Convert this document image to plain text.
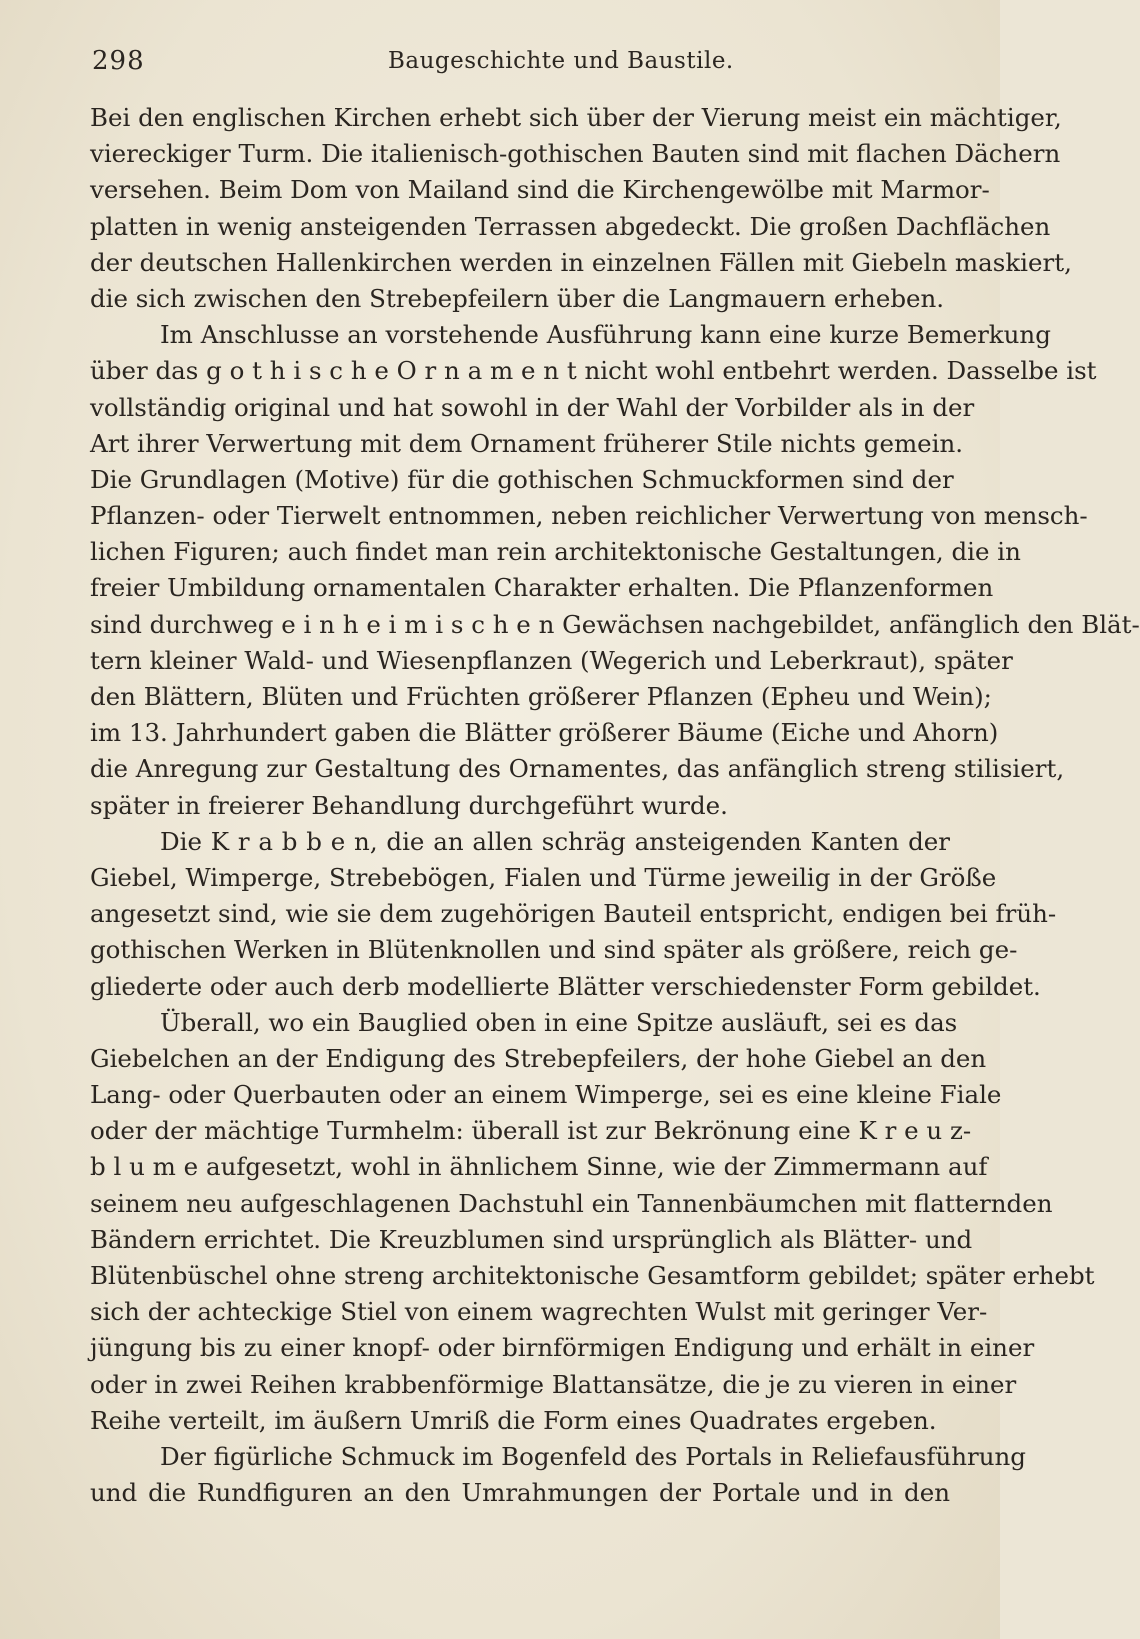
298	Baugeschichte und Baustile.
Bei den englischen Kirchen erhebt sich über der Vierung meist ein mächtiger,
viereckiger Turm. Die italienisch-gothischen Bauten sind mit flachen Dächern
versehen. Beim Dom von Mailand sind die Kirchengewölbe mit Marmor-
platten in wenig ansteigenden Terrassen abgedeckt. Die großen Dachflächen
der deutschen Hallenkirchen werden in einzelnen Fällen mit Giebeln maskiert,
die sich zwischen den Strebepfeilern über die Langmauern erheben.
Im Anschlusse an vorstehende Ausführung kann eine kurze Bemerkung
über das g o t h i s c h e O r n a m e n t nicht wohl entbehrt werden. Dasselbe ist
vollständig original und hat sowohl in der Wahl der Vorbilder als in der
Art ihrer Verwertung mit dem Ornament früherer Stile nichts gemein.
Die Grundlagen (Motive) für die gothischen Schmuckformen sind der
Pflanzen- oder Tierwelt entnommen, neben reichlicher Verwertung von mensch-
lichen Figuren; auch findet man rein architektonische Gestaltungen, die in
freier Umbildung ornamentalen Charakter erhalten. Die Pflanzenformen
sind durchweg e i n h e i m i s c h e n Gewächsen nachgebildet, anfänglich den Blät-
tern kleiner Wald- und Wiesenpflanzen (Wegerich und Leberkraut), später
den Blättern, Blüten und Früchten größerer Pflanzen (Epheu und Wein);
im 13. Jahrhundert gaben die Blätter größerer Bäume (Eiche und Ahorn)
die Anregung zur Gestaltung des Ornamentes, das anfänglich streng stilisiert,
später in freierer Behandlung durchgeführt wurde.
Die K r a b b e n, die an allen schräg ansteigenden Kanten der
Giebel, Wimperge, Strebebögen, Fialen und Türme jeweilig in der Größe
angesetzt sind, wie sie dem zugehörigen Bauteil entspricht, endigen bei früh-
gothischen Werken in Blütenknollen und sind später als größere, reich ge-
gliederte oder auch derb modellierte Blätter verschiedenster Form gebildet.
Überall, wo ein Bauglied oben in eine Spitze ausläuft, sei es das
Giebelchen an der Endigung des Strebepfeilers, der hohe Giebel an den
Lang- oder Querbauten oder an einem Wimperge, sei es eine kleine Fiale
oder der mächtige Turmhelm: überall ist zur Bekrönung eine K r e u z-
b l u m e aufgesetzt, wohl in ähnlichem Sinne, wie der Zimmermann auf
seinem neu aufgeschlagenen Dachstuhl ein Tannenbäumchen mit flatternden
Bändern errichtet. Die Kreuzblumen sind ursprünglich als Blätter- und
Blütenbüschel ohne streng architektonische Gesamtform gebildet; später erhebt
sich der achteckige Stiel von einem wagrechten Wulst mit geringer Ver-
jüngung bis zu einer knopf- oder birnförmigen Endigung und erhält in einer
oder in zwei Reihen krabbenförmige Blattansätze, die je zu vieren in einer
Reihe verteilt, im äußern Umriß die Form eines Quadrates ergeben.
Der figürliche Schmuck im Bogenfeld des Portals in Reliefausführung
und die Rundfiguren an den Umrahmungen der Portale und in den
